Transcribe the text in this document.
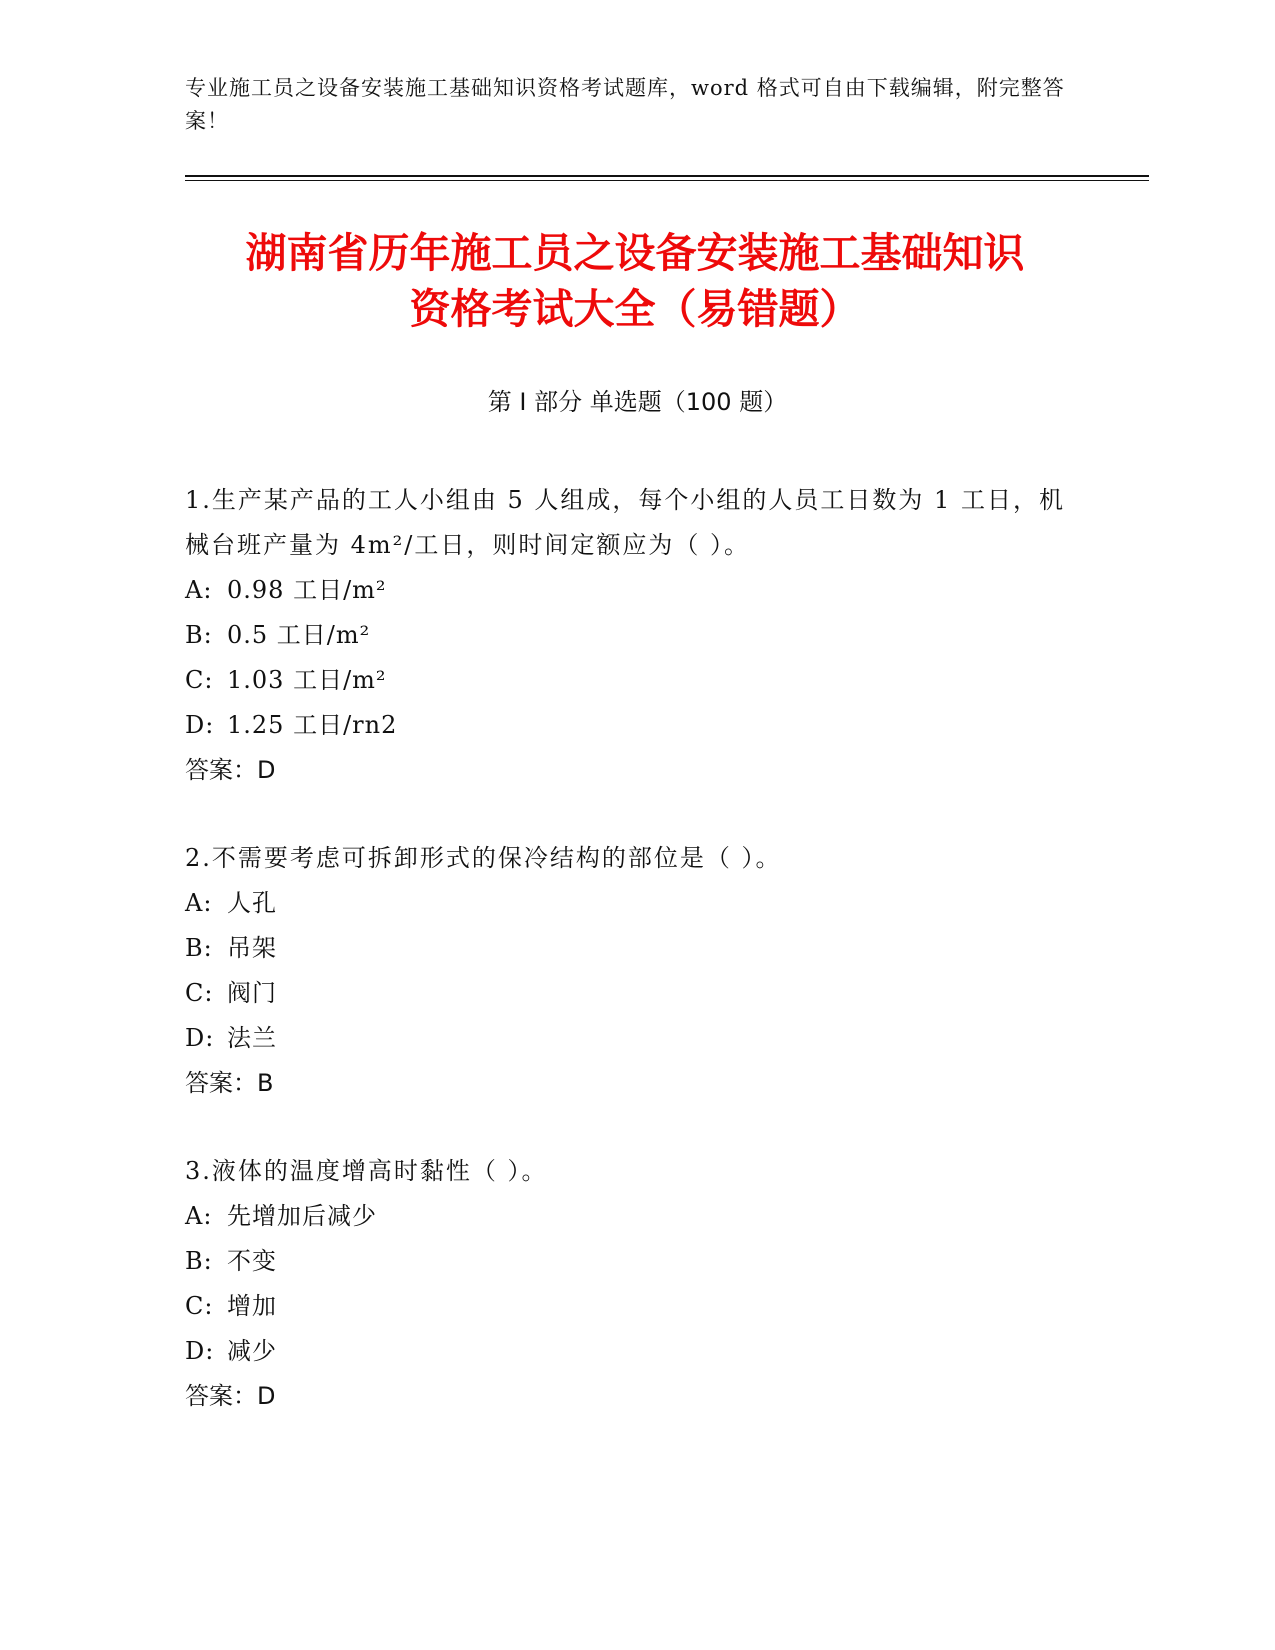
专业施工员之设备安装施工基础知识资格考试题库，word 格式可自由下载编辑，附完整答案！
湖南省历年施工员之设备安装施工基础知识
资格考试大全（易错题）
第 I 部分 单选题（100 题）
1.生产某产品的工人小组由 5 人组成，每个小组的人员工日数为 1 工日，机械台班产量为 4m²/工日，则时间定额应为（ ）。
A: 0.98 工日/m²
B: 0.5 工日/m²
C: 1.03 工日/m²
D: 1.25 工日/rn2
答案：D
2.不需要考虑可拆卸形式的保冷结构的部位是（ ）。
A: 人孔
B: 吊架
C: 阀门
D: 法兰
答案：B
3.液体的温度增高时黏性（ ）。
A: 先增加后减少
B: 不变
C: 增加
D: 减少
答案：D
